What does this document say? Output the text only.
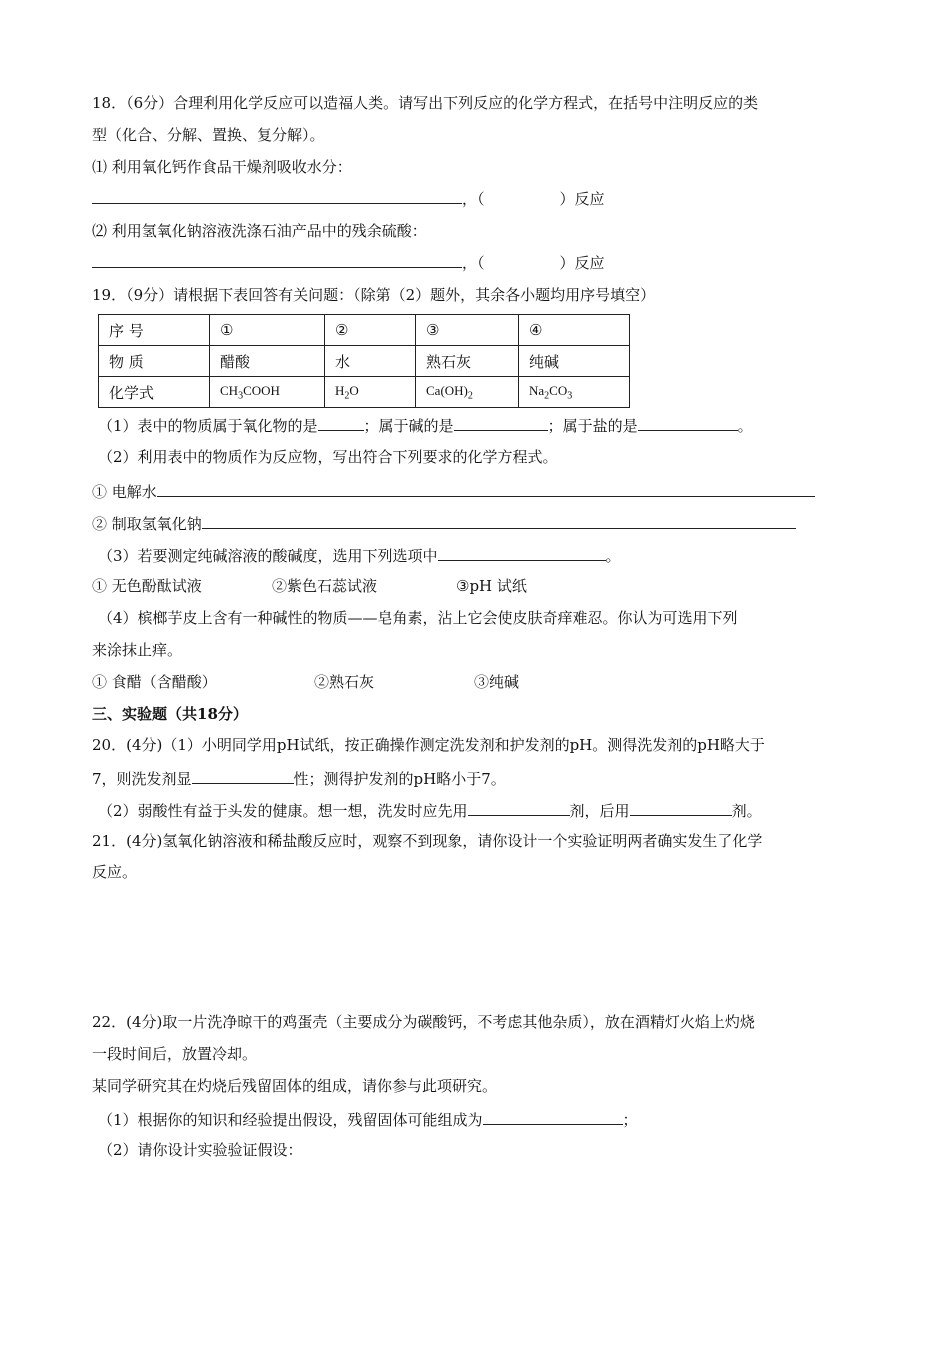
18．（6分）合理利用化学反应可以造福人类。请写出下列反应的化学方程式，在括号中注明反应的类
型（化合、分解、置换、复分解）。
⑴ 利用氧化钙作食品干燥剂吸收水分：
，（　　　　　）反应
⑵ 利用氢氧化钠溶液洗涤石油产品中的残余硫酸：
，（　　　　　）反应
19．（9分）请根据下表回答有关问题：（除第（2）题外，其余各小题均用序号填空）
序 号	①	②	③	④
物 质	醋酸	水	熟石灰	纯碱
化学式	$CH_3COOH$	$H_2O$	$Ca(OH)_2$	$Na_2CO_3$
（1）表中的物质属于氧化物的是	；属于碱的是	；属于盐的是	。
（2）利用表中的物质作为反应物，写出符合下列要求的化学方程式。
① 电解水
② 制取氢氧化钠
（3）若要测定纯碱溶液的酸碱度，选用下列选项中	。
① 无色酚酞试液	②紫色石蕊试液	③pH 试纸
（4）槟榔芋皮上含有一种碱性的物质——皂角素，沾上它会使皮肤奇痒难忍。你认为可选用下列
来涂抹止痒。
① 食醋（含醋酸）	②熟石灰	③纯碱
三、实验题（共18分）
20．(4分)（1）小明同学用pH试纸，按正确操作测定洗发剂和护发剂的pH。测得洗发剂的pH略大于
7，则洗发剂显	性；测得护发剂的pH略小于7。
（2）弱酸性有益于头发的健康。想一想，洗发时应先用	剂，后用	剂。
21．(4分)氢氧化钠溶液和稀盐酸反应时，观察不到现象，请你设计一个实验证明两者确实发生了化学
反应。
22．(4分)取一片洗净晾干的鸡蛋壳（主要成分为碳酸钙，不考虑其他杂质），放在酒精灯火焰上灼烧
一段时间后，放置冷却。
某同学研究其在灼烧后残留固体的组成，请你参与此项研究。
（1）根据你的知识和经验提出假设，残留固体可能组成为	；
（2）请你设计实验验证假设：
